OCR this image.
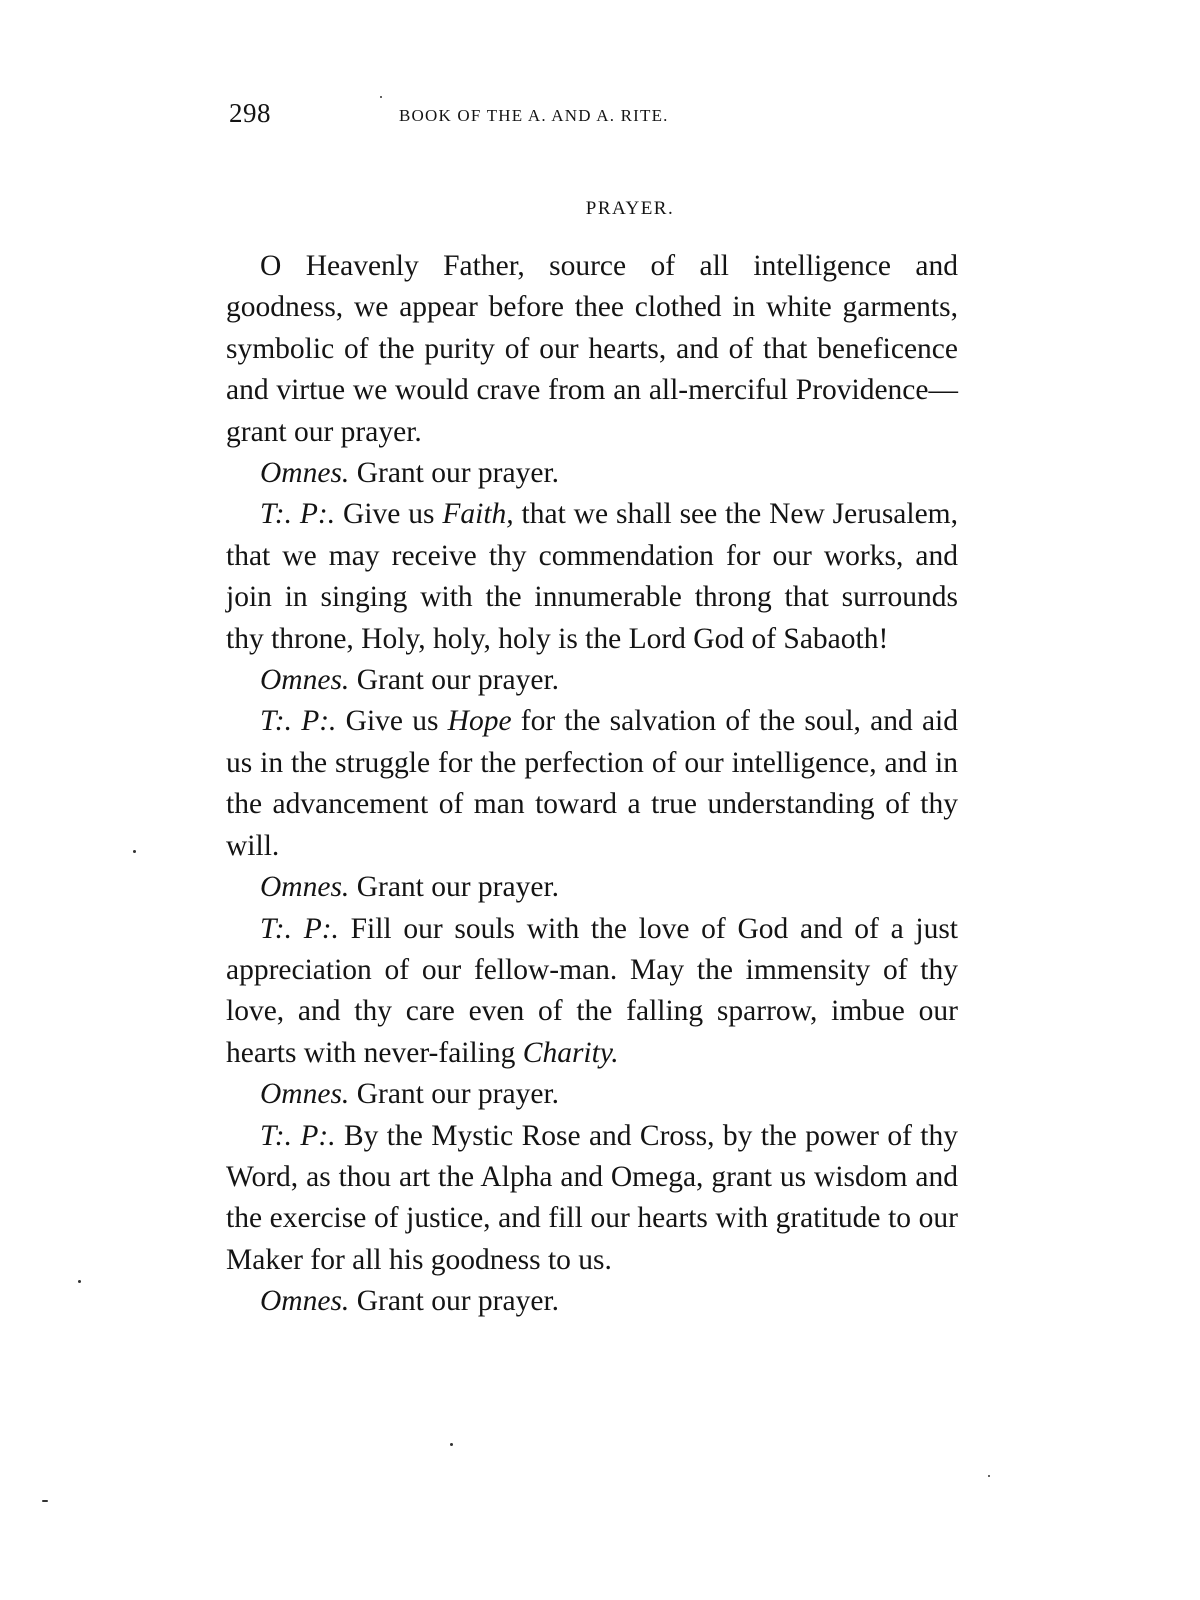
298	BOOK OF THE A. AND A. RITE.
PRAYER.

O Heavenly Father, source of all intelligence and goodness, we appear before thee clothed in white garments, symbolic of the purity of our hearts, and of that beneficence and virtue we would crave from an all-merciful Providence—grant our prayer.

Omnes. Grant our prayer.

T:. P:. Give us Faith, that we shall see the New Jerusalem, that we may receive thy commendation for our works, and join in singing with the innumerable throng that surrounds thy throne, Holy, holy, holy is the Lord God of Sabaoth!

Omnes. Grant our prayer.

T:. P:. Give us Hope for the salvation of the soul, and aid us in the struggle for the perfection of our intelligence, and in the advancement of man toward a true understanding of thy will.

Omnes. Grant our prayer.

T:. P:. Fill our souls with the love of God and of a just appreciation of our fellow-man. May the immensity of thy love, and thy care even of the falling sparrow, imbue our hearts with never-failing Charity.

Omnes. Grant our prayer.

T:. P:. By the Mystic Rose and Cross, by the power of thy Word, as thou art the Alpha and Omega, grant us wisdom and the exercise of justice, and fill our hearts with gratitude to our Maker for all his goodness to us.

Omnes. Grant our prayer.
